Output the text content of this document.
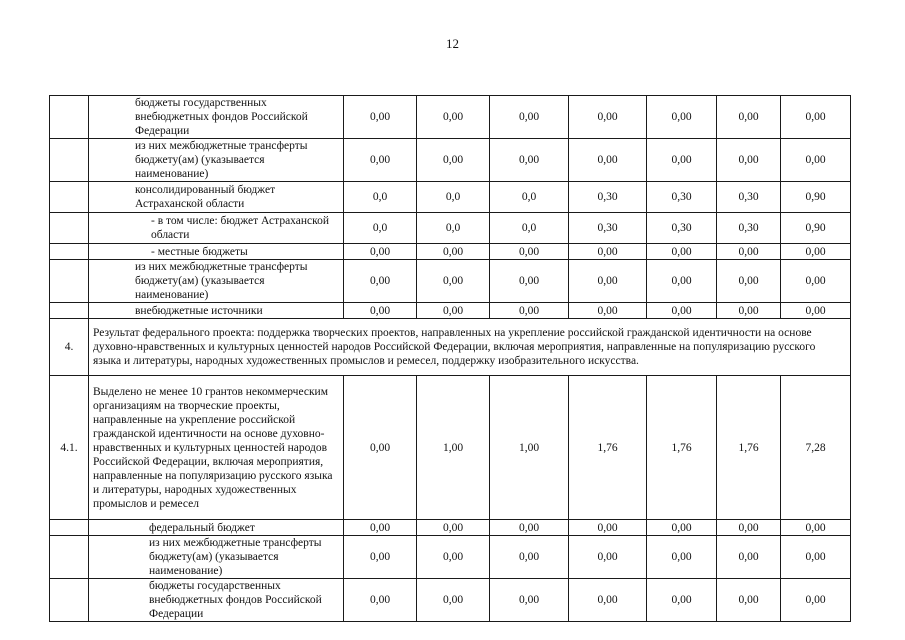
12
	бюджеты государственных внебюджетных фондов Российской Федерации	0,00	0,00	0,00	0,00	0,00	0,00	0,00
	из них межбюджетные трансферты бюджету(ам) (указывается наименование)	0,00	0,00	0,00	0,00	0,00	0,00	0,00
	консолидированный бюджет Астраханской области	0,0	0,0	0,0	0,30	0,30	0,30	0,90
	- в том числе: бюджет Астраханской области	0,0	0,0	0,0	0,30	0,30	0,30	0,90
	- местные бюджеты	0,00	0,00	0,00	0,00	0,00	0,00	0,00
	из них межбюджетные трансферты бюджету(ам) (указывается наименование)	0,00	0,00	0,00	0,00	0,00	0,00	0,00
	внебюджетные источники	0,00	0,00	0,00	0,00	0,00	0,00	0,00
4.	Результат федерального проекта: поддержка творческих проектов, направленных на укрепление российской гражданской идентичности на основе духовно-нравственных и культурных ценностей народов Российской Федерации, включая мероприятия, направленные на популяризацию русского языка и литературы, народных художественных промыслов и ремесел, поддержку изобразительного искусства.							
4.1.	Выделено не менее 10 грантов некоммерческим организациям на творческие проекты, направленные на укрепление российской гражданской идентичности на основе духовно-нравственных и культурных ценностей народов Российской Федерации, включая мероприятия, направленные на популяризацию русского языка и литературы, народных художественных промыслов и ремесел	0,00	1,00	1,00	1,76	1,76	1,76	7,28
	федеральный бюджет	0,00	0,00	0,00	0,00	0,00	0,00	0,00
	из них межбюджетные трансферты бюджету(ам) (указывается наименование)	0,00	0,00	0,00	0,00	0,00	0,00	0,00
	бюджеты государственных внебюджетных фондов Российской Федерации	0,00	0,00	0,00	0,00	0,00	0,00	0,00
